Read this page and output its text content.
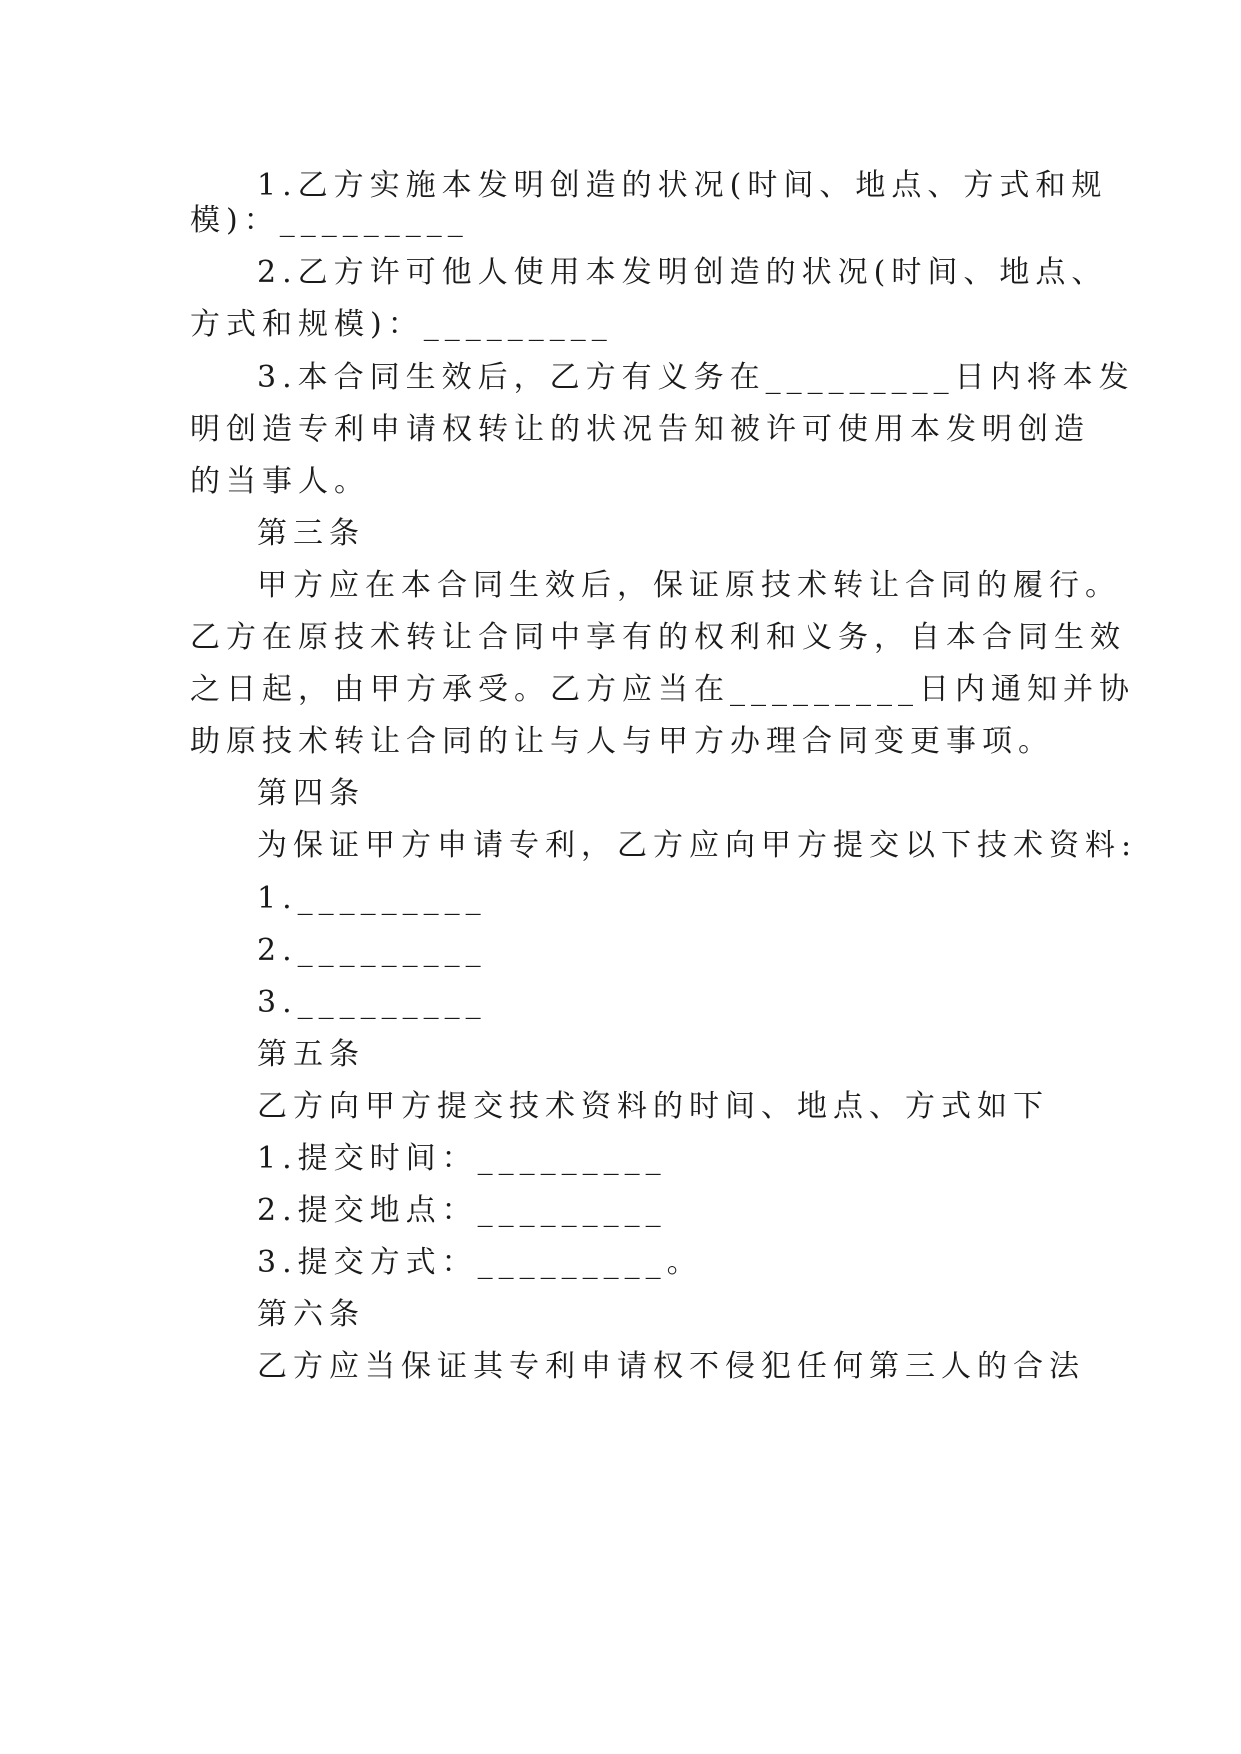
1.乙方实施本发明创造的状况(时间、地点、方式和规
模)：_________
2.乙方许可他人使用本发明创造的状况(时间、地点、
方式和规模)：_________
3.本合同生效后，乙方有义务在_________日内将本发
明创造专利申请权转让的状况告知被许可使用本发明创造
的当事人。
第三条
甲方应在本合同生效后，保证原技术转让合同的履行。
乙方在原技术转让合同中享有的权利和义务，自本合同生效
之日起，由甲方承受。乙方应当在_________日内通知并协
助原技术转让合同的让与人与甲方办理合同变更事项。
第四条
为保证甲方申请专利，乙方应向甲方提交以下技术资料:
1._________
2._________
3._________
第五条
乙方向甲方提交技术资料的时间、地点、方式如下
1.提交时间：_________
2.提交地点：_________
3.提交方式：_________。
第六条
乙方应当保证其专利申请权不侵犯任何第三人的合法
